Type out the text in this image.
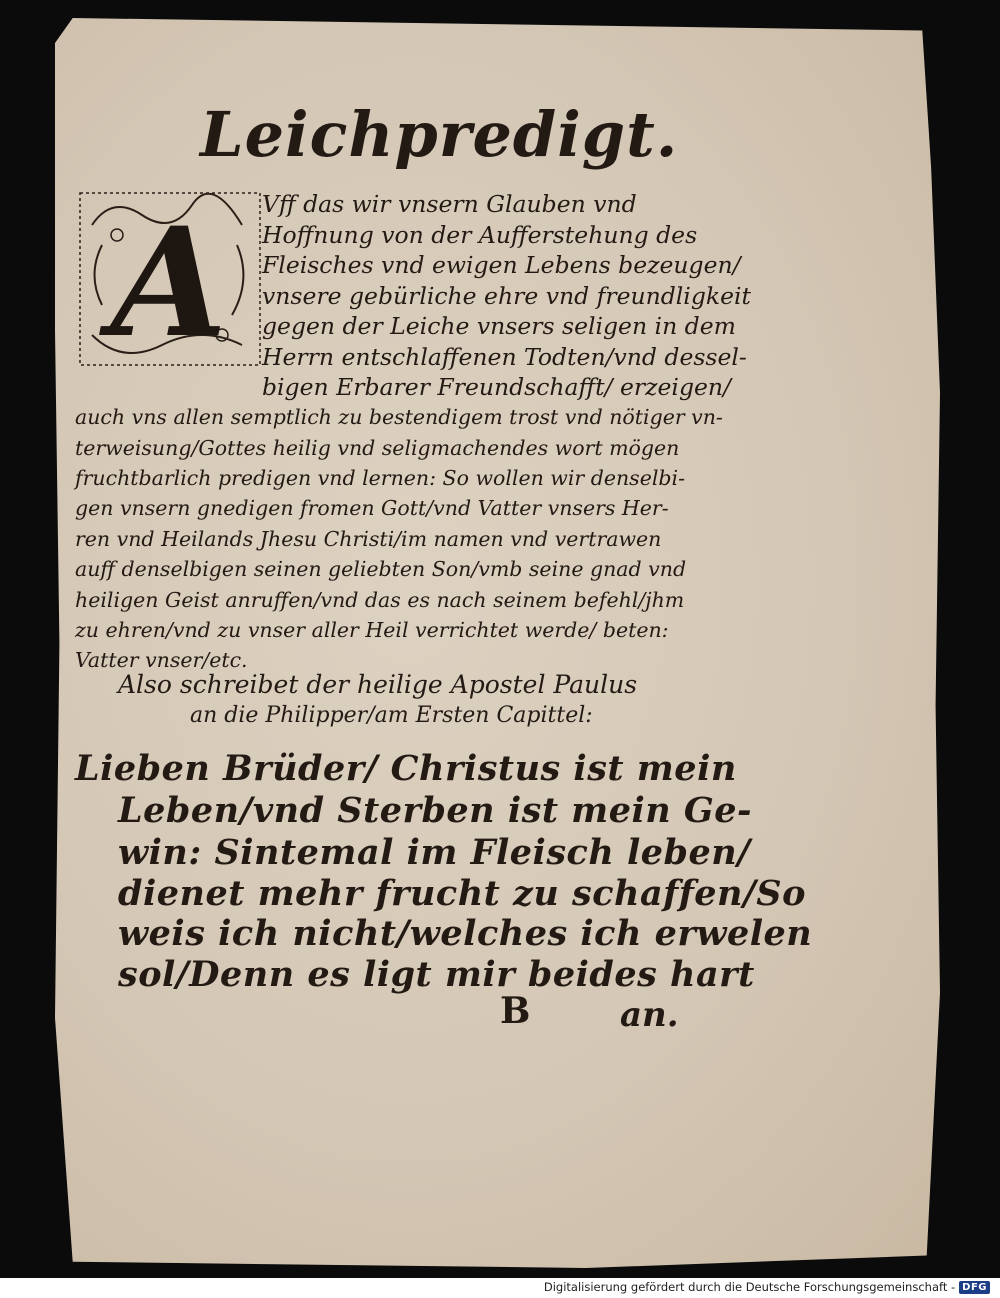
Leichpredigt.
A Vff das wir vnsern Glauben vnd
Hoffnung von der Aufferstehung des
Fleisches vnd ewigen Lebens bezeugen/
vnsere gebürliche ehre vnd freundligkeit
gegen der Leiche vnsers seligen in dem
Herrn entschlaffenen Todten/vnd dessel-
bigen Erbarer Freundschafft/ erzeigen/
auch vns allen semptlich zu bestendigem trost vnd nötiger vn-
terweisung/Gottes heilig vnd seligmachendes wort mögen
fruchtbarlich predigen vnd lernen: So wollen wir denselbi-
gen vnsern gnedigen fromen Gott/vnd Vatter vnsers Her-
ren vnd Heilands Jhesu Christi/im namen vnd vertrawen
auff denselbigen seinen geliebten Son/vmb seine gnad vnd
heiligen Geist anruffen/vnd das es nach seinem befehl/jhm
zu ehren/vnd zu vnser aller Heil verrichtet werde/ beten:
Vatter vnser/etc.
Also schreibet der heilige Apostel Paulus
an die Philipper/am Ersten Capittel:
Lieben Brüder/ Christus ist mein
Leben/vnd Sterben ist mein Ge-
win: Sintemal im Fleisch leben/
dienet mehr frucht zu schaffen/So
weis ich nicht/welches ich erwelen
sol/Denn es ligt mir beides hart
B	an.
Digitalisierung gefördert durch die Deutsche Forschungsgemeinschaft - DFG
